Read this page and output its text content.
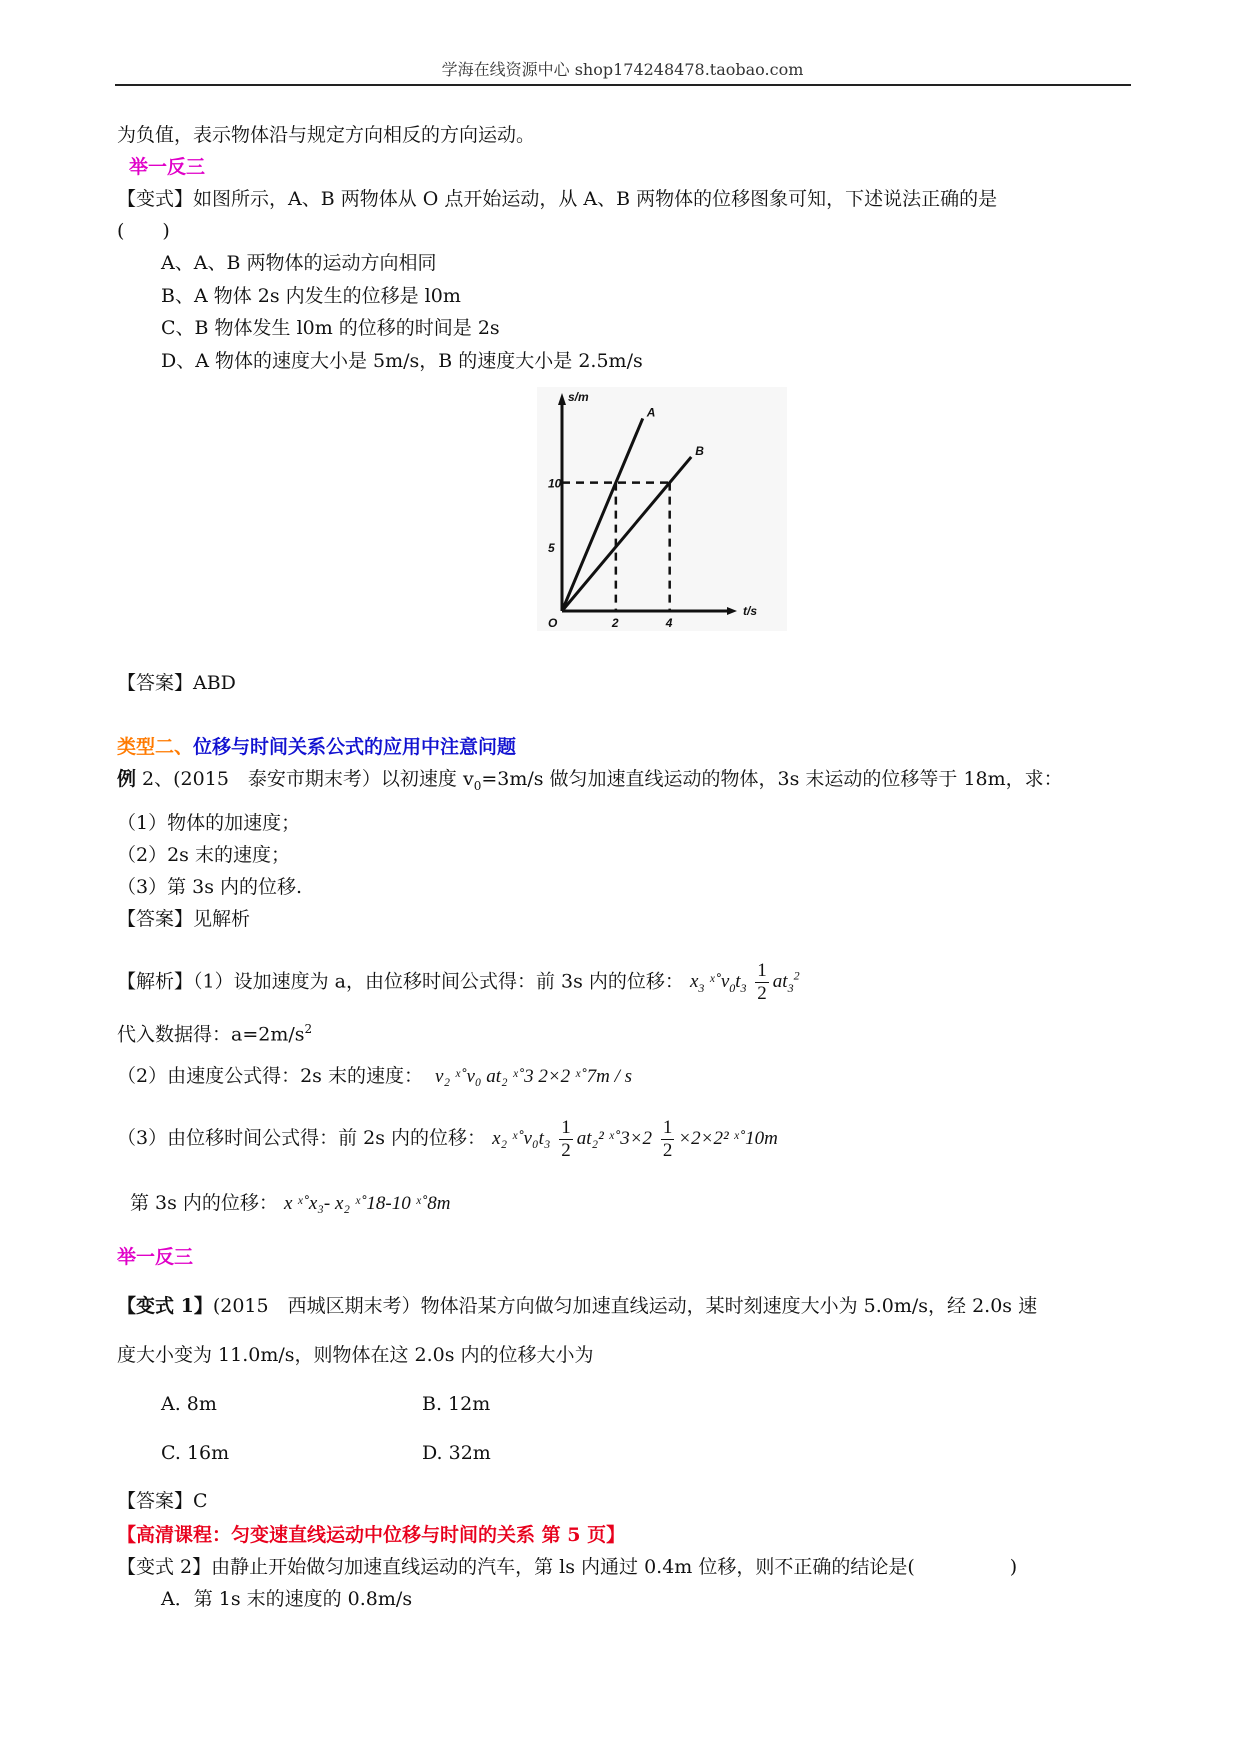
学海在线资源中心 shop174248478.taobao.com
为负值，表示物体沿与规定方向相反的方向运动。
举一反三
【变式】如图所示，A、B 两物体从 O 点开始运动，从 A、B 两物体的位移图象可知，下述说法正确的是
(　　)
A、A、B 两物体的运动方向相同
B、A 物体 2s 内发生的位移是 l0m
C、B 物体发生 l0m 的位移的时间是 2s
D、A 物体的速度大小是 5m/s，B 的速度大小是 2.5m/s
A
B
5
10
2	4
O
s/m
t/s
【答案】ABD
类型二、位移与时间关系公式的应用中注意问题
例 2、(2015　泰安市期末考）以初速度 $v_0=3m/s$ 做匀加速直线运动的物体，3s 末运动的位移等于 18m，求：
（1）物体的加速度；
（2）2s 末的速度；
（3）第 3s 内的位移.
【答案】见解析
【解析】（1）设加速度为 a，由位移时间公式得：前 3s 内的位移： $x_3$ $ˣ˚v_0t_3 \frac{1}{2} at_3^2$
代入数据得：$a=2m/s^2$
（2）由速度公式得：2s 末的速度： v₂ ˣ˚v₀ at₂ ˣ˚3 2×2 ˣ˚7m / s
（3）由位移时间公式得：前 2s 内的位移： x₂ ˣ˚v₀t₃ $\frac{1}{2} at_2^2$ ˣ˚3×2 $\frac{1}{2} \times 2\times 2^2$ ˣ˚10m
第 3s 内的位移： x ˣ˚x₃- x₂ ˣ˚18-10 ˣ˚8m
举一反三
【变式 1】(2015　西城区期末考）物体沿某方向做匀加速直线运动，某时刻速度大小为 5.0m/s，经 2.0s 速
度大小变为 11.0m/s，则物体在这 2.0s 内的位移大小为
A. 8m	B. 12m
C. 16m	D. 32m
【答案】C
【高清课程：匀变速直线运动中位移与时间的关系 第 5 页】
【变式 2】由静止开始做匀加速直线运动的汽车，第 ls 内通过 0.4m 位移，则不正确的结论是(　　　　　)
A．第 1s 末的速度的 0.8m/s
